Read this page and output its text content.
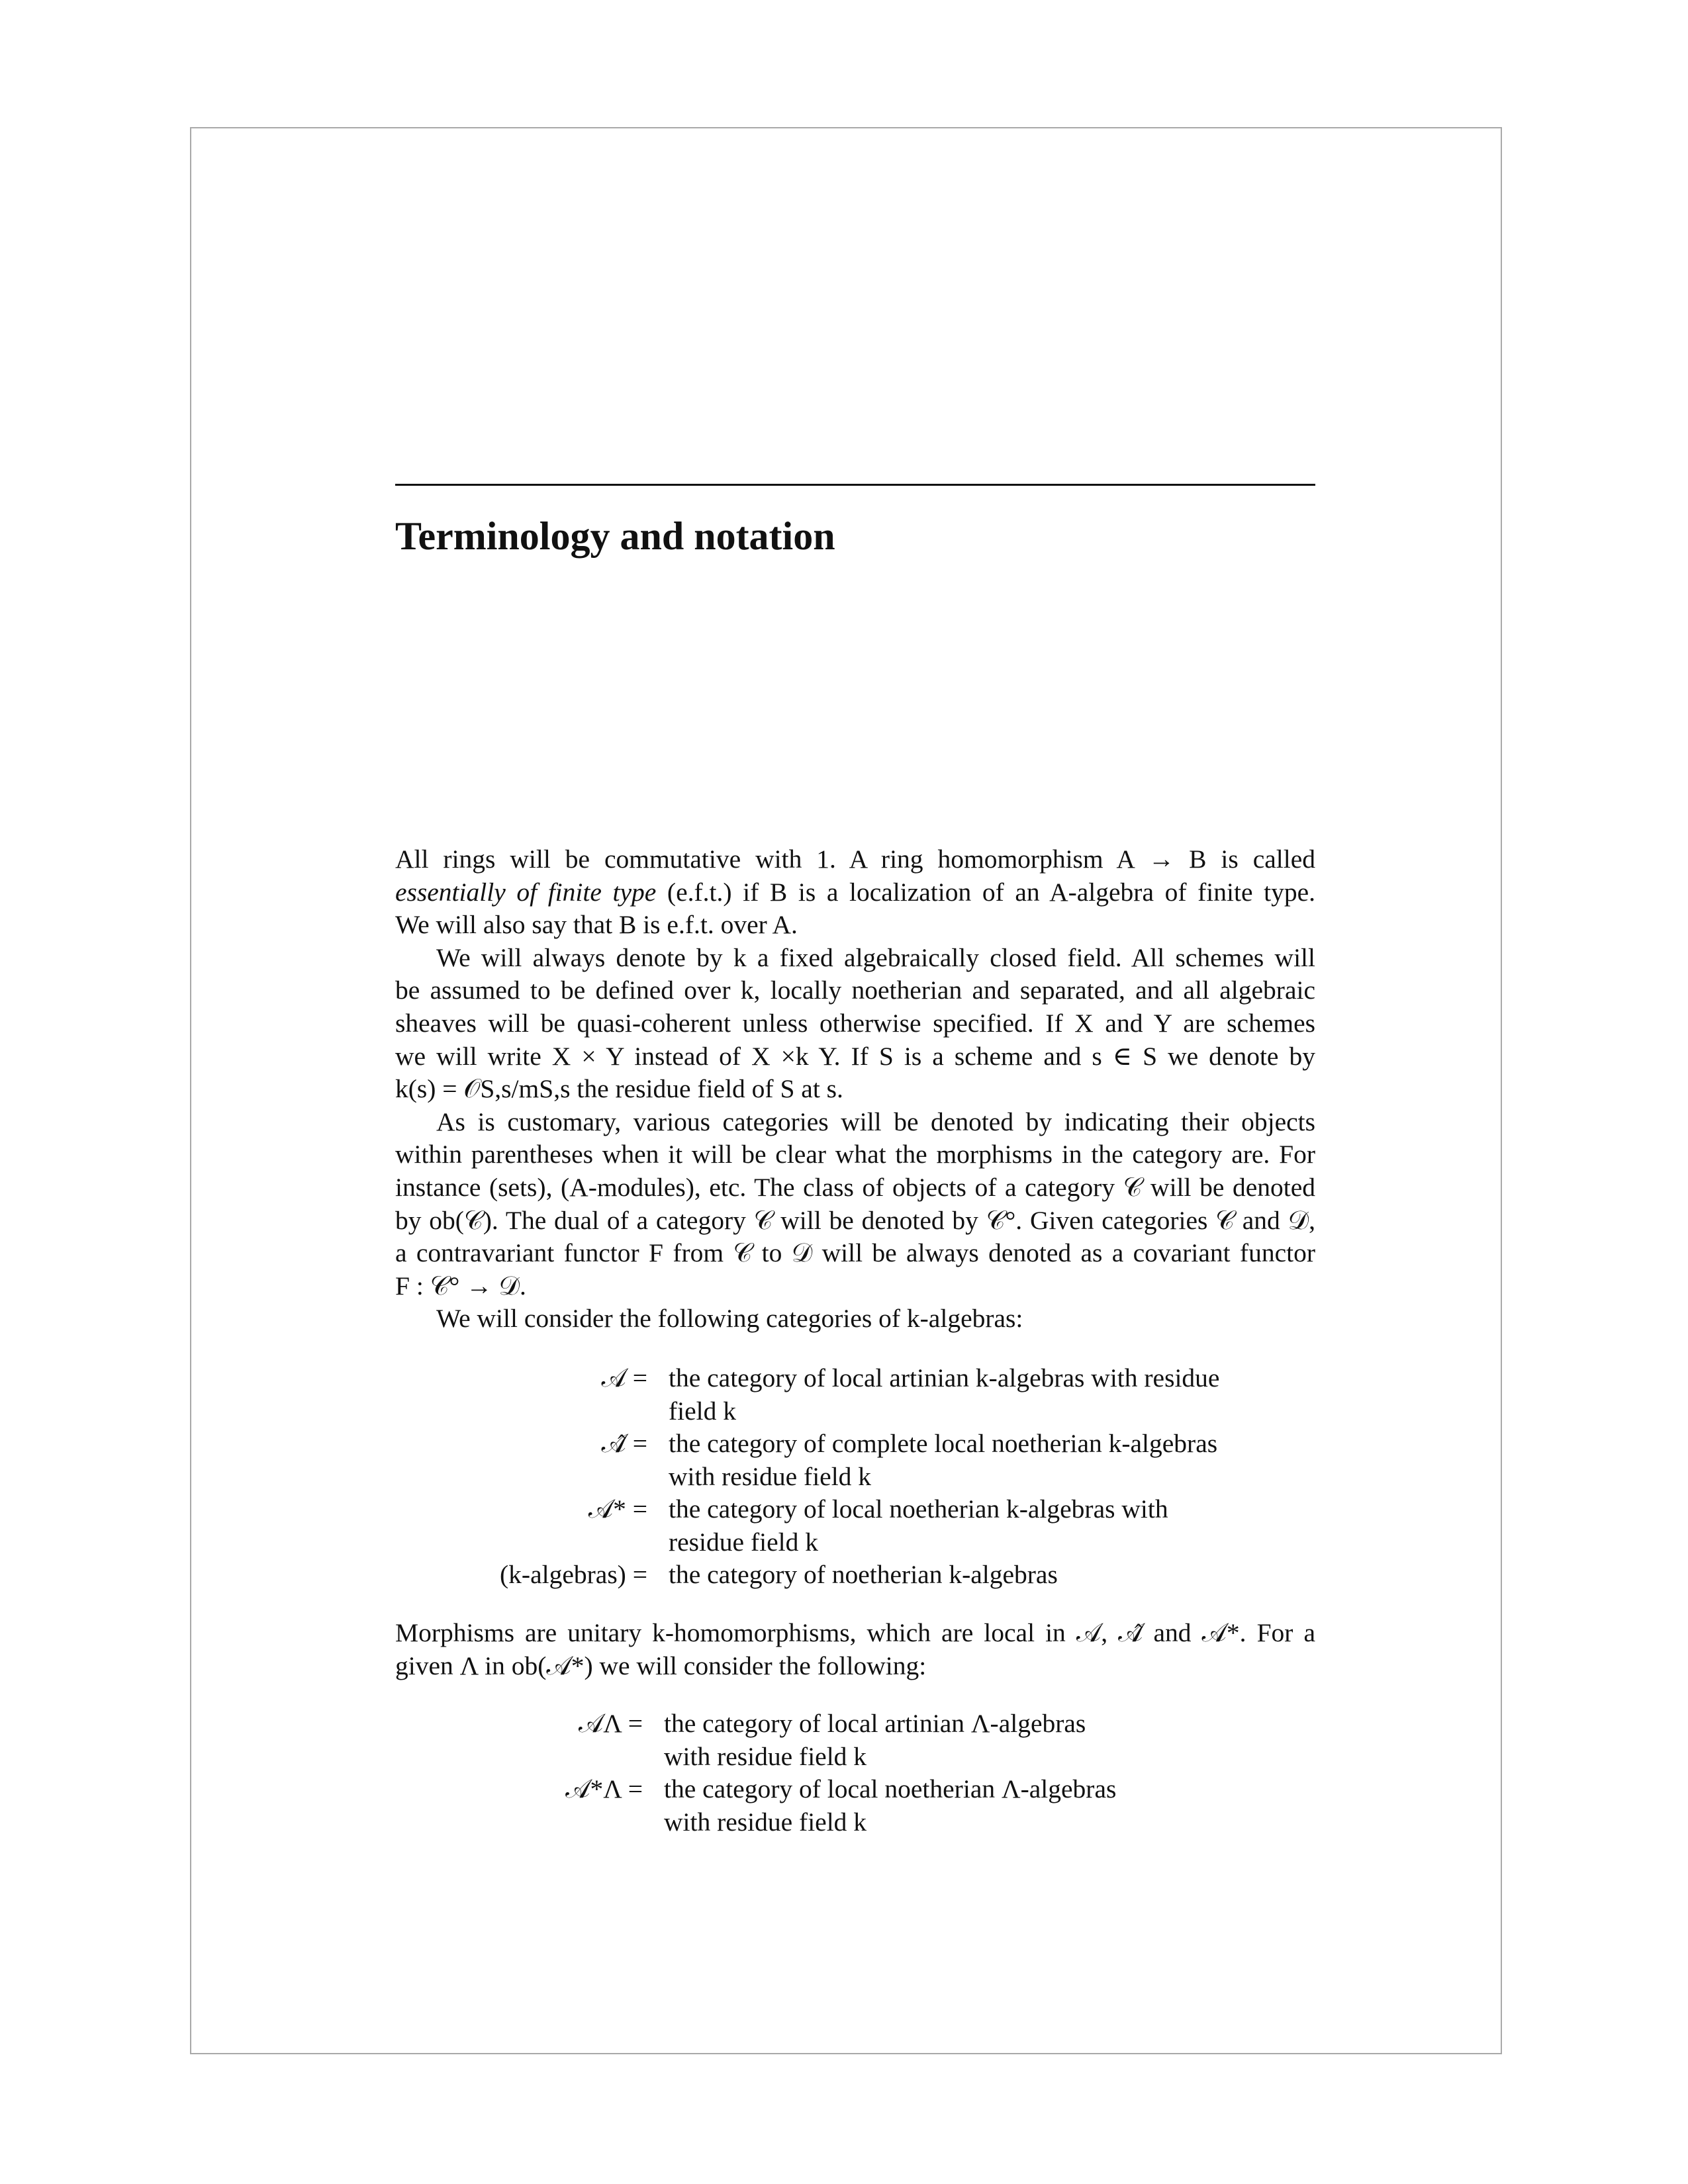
Terminology and notation

All rings will be commutative with 1. A ring homomorphism A → B is called

essentially of finite type (e.f.t.) if B is a localization of an A-algebra of finite type.

We will also say that B is e.f.t. over A.

We will always denote by k a fixed algebraically closed field. All schemes will

be assumed to be defined over k, locally noetherian and separated, and all algebraic

sheaves will be quasi-coherent unless otherwise specified. If X and Y are schemes

we will write X × Y instead of X ×k Y. If S is a scheme and s ∈ S we denote by

k(s) = 𝒪S,s/mS,s the residue field of S at s.

As is customary, various categories will be denoted by indicating their objects

within parentheses when it will be clear what the morphisms in the category are. For

instance (sets), (A-modules), etc. The class of objects of a category 𝒞 will be denoted

by ob(𝒞). The dual of a category 𝒞 will be denoted by 𝒞°. Given categories 𝒞 and 𝒟,

a contravariant functor F from 𝒞 to 𝒟 will be always denoted as a covariant functor

F : 𝒞° → 𝒟.

We will consider the following categories of k-algebras:

𝒜 = the category of local artinian k-algebras with residue
field k
𝒜̂ = the category of complete local noetherian k-algebras
with residue field k
𝒜* = the category of local noetherian k-algebras with
residue field k
(k-algebras) = the category of noetherian k-algebras

Morphisms are unitary k-homomorphisms, which are local in 𝒜, 𝒜̂ and 𝒜*. For a

given Λ in ob(𝒜*) we will consider the following:

𝒜Λ = the category of local artinian Λ-algebras
with residue field k
𝒜*Λ = the category of local noetherian Λ-algebras
with residue field k
